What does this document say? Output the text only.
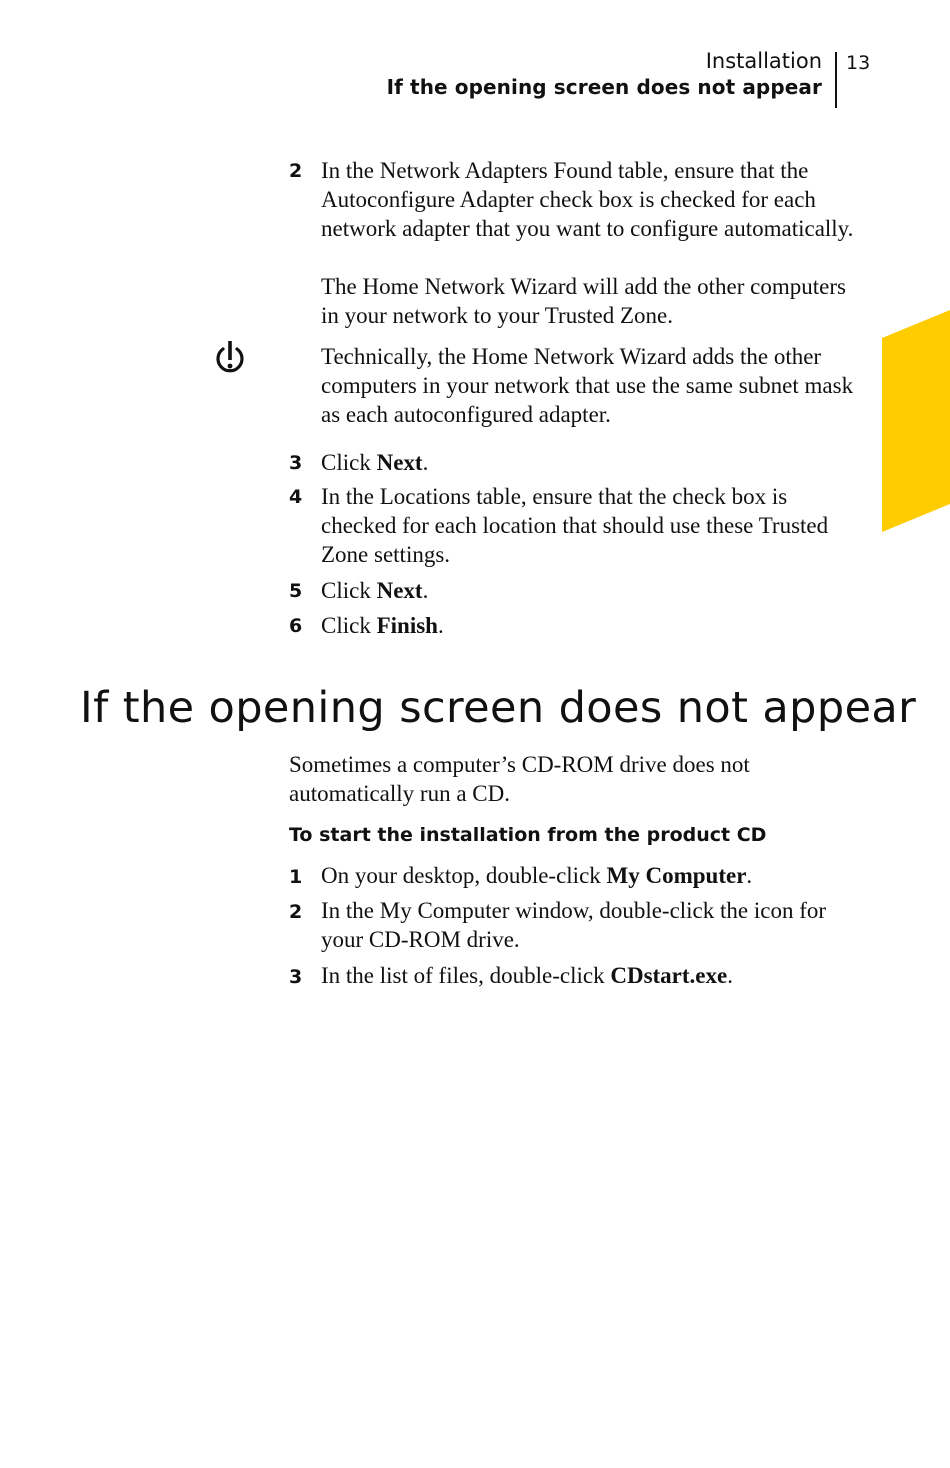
Installation
If the opening screen does not appear
13
2 In the Network Adapters Found table, ensure that the Autoconfigure Adapter check box is checked for each network adapter that you want to configure automatically.
The Home Network Wizard will add the other computers in your network to your Trusted Zone.
Technically, the Home Network Wizard adds the other computers in your network that use the same subnet mask as each autoconfigured adapter.
3 Click Next.
4 In the Locations table, ensure that the check box is checked for each location that should use these Trusted Zone settings.
5 Click Next.
6 Click Finish.
If the opening screen does not appear
Sometimes a computer’s CD-ROM drive does not automatically run a CD.
To start the installation from the product CD
1 On your desktop, double-click My Computer.
2 In the My Computer window, double-click the icon for your CD-ROM drive.
3 In the list of files, double-click CDstart.exe.
